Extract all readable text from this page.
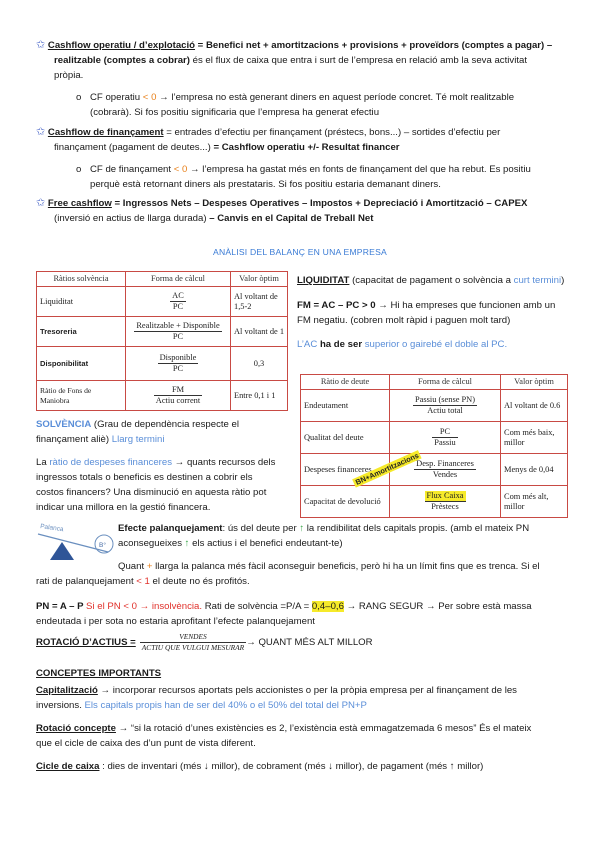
✩ Cashflow operatiu / d’explotació = Benefici net + amortitzacions + provisions + proveïdors (comptes a pagar) –
realitzable (comptes a cobrar) és el flux de caixa que entra i surt de l’empresa en relació amb la seva activitat
pròpia.
o CF operatiu < 0 → l’empresa no està generant diners en aquest període concret. Té molt realitzable
(cobrarà). Si fos positiu significaria que l’empresa ha generat efectiu
✩ Cashflow de finançament = entrades d’efectiu per finançament (préstecs, bons...) – sortides d’efectiu per
finançament (pagament de deutes...) = Cashflow operatiu +/- Resultat financer
o CF de finançament < 0 → l’empresa ha gastat més en fonts de finançament del que ha rebut. Es positiu
perquè està retornant diners als prestataris. Si fos positiu estaria demanant diners.
✩ Free cashflow = Ingressos Nets – Despeses Operatives – Impostos + Depreciació i Amortització – CAPEX
(inversió en actius de llarga durada) – Canvis en el Capital de Treball Net
ANÀLISI DEL BALANÇ EN UNA EMPRESA
Ràtios solvència	Forma de càlcul	Valor òptim
Liquiditat	$\frac{AC}{PC}$	Al voltant de 1,5-2
Tresoreria	$\frac{\text{Realitzable + Disponible}}{PC}$	Al voltant de 1
Disponibilitat	$\frac{\text{Disponible}}{PC}$	0,3
Ràtio de Fons de Maniobra	$\frac{FM}{\text{Actiu corrent}}$	Entre 0,1 i 1
LIQUIDITAT (capacitat de pagament o solvència a curt termini)
FM = AC – PC > 0 → Hi ha empreses que funcionen amb un
FM negatiu. (cobren molt ràpid i paguen molt tard)
L’AC ha de ser superior o gairebé el doble al PC.
Ràtio de deute	Forma de càlcul	Valor òptim
Endeutament	$\frac{\text{Passiu (sense PN)}}{\text{Actiu total}}$	Al voltant de 0.6
Qualitat del deute	$\frac{PC}{\text{Passiu}}$	Com més baix, millor
Despeses financeres	$\frac{\text{Desp. Financeres}}{\text{Vendes}}$	Menys de 0,04
Capacitat de devolució	$\frac{\text{Flux Caixa}}{\text{Prèstecs}}$	Com més alt, millor
BN+Amortitzacions
SOLVÈNCIA (Grau de dependència respecte el
finançament aliè) Llarg termini
La ràtio de despeses financeres → quants recursos dels
ingressos totals o beneficis es destinen a cobrir els
costos financers? Una disminució en aquesta ràtio pot
indicar una millora en la gestió financera.
Palanca
B°
Efecte palanquejament: ús del deute per ↑ la rendibilitat dels capitals propis. (amb el mateix PN
aconsegueixes ↑ els actius i el benefici endeutant-te)
Quant + llarga la palanca més fàcil aconseguir beneficis, però hi ha un límit fins que es trenca. Si el
rati de palanquejament < 1 el deute no és profitós.
PN = A – P Si el PN < 0 → insolvència. Rati de solvència =P/A = 0,4–0,6 → RANG SEGUR → Per sobre està massa
endeutada i per sota no estaria aprofitant l’efecte palanquejament
ROTACIÓ D’ACTIUS = $\frac{\text{VENDES}}{\text{ACTIU QUE VULGUI MESURAR}}$ → QUANT MÉS ALT MILLOR
CONCEPTES IMPORTANTS
Capitalització → incorporar recursos aportats pels accionistes o per la pròpia empresa per al finançament de les
inversions. Els capitals propis han de ser del 40% o el 50% del total del PN+P
Rotació concepte → “si la rotació d’unes existències es 2, l’existència està emmagatzemada 6 mesos” És el mateix
que el cicle de caixa des d’un punt de vista diferent.
Cicle de caixa : dies de inventari (més ↓ millor), de cobrament (més ↓ millor), de pagament (més ↑ millor)
